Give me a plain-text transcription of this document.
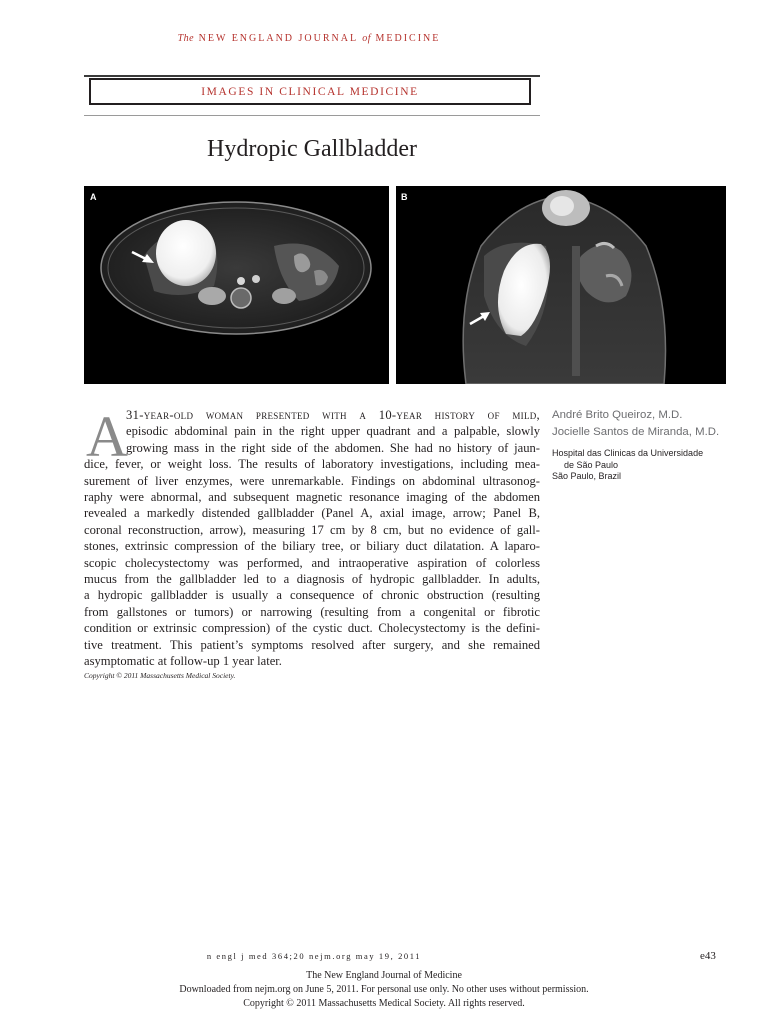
The NEW ENGLAND JOURNAL of MEDICINE
IMAGES IN CLINICAL MEDICINE
Hydropic Gallbladder
A	B
A
31-year-old woman presented with a 10-year history of mild,
episodic abdominal pain in the right upper quadrant and a palpable, slowly
growing mass in the right side of the abdomen. She had no history of jaun-
dice, fever, or weight loss. The results of laboratory investigations, including mea-
surement of liver enzymes, were unremarkable. Findings on abdominal ultrasonog-
raphy were abnormal, and subsequent magnetic resonance imaging of the abdomen
revealed a markedly distended gallbladder (Panel A, axial image, arrow; Panel B,
coronal reconstruction, arrow), measuring 17 cm by 8 cm, but no evidence of gall-
stones, extrinsic compression of the biliary tree, or biliary duct dilatation. A laparo-
scopic cholecystectomy was performed, and intraoperative aspiration of colorless
mucus from the gallbladder led to a diagnosis of hydropic gallbladder. In adults,
a hydropic gallbladder is usually a consequence of chronic obstruction (resulting
from gallstones or tumors) or narrowing (resulting from a congenital or fibrotic
condition or extrinsic compression) of the cystic duct. Cholecystectomy is the defini-
tive treatment. This patient’s symptoms resolved after surgery, and she remained
asymptomatic at follow-up 1 year later.
Copyright © 2011 Massachusetts Medical Society.
André Brito Queiroz, M.D.
Jocielle Santos de Miranda, M.D.
Hospital das Clinicas da Universidade
de São Paulo
São Paulo, Brazil
n engl j med 364;20 nejm.org may 19, 2011	e43
The New England Journal of Medicine
Downloaded from nejm.org on June 5, 2011. For personal use only. No other uses without permission.
Copyright © 2011 Massachusetts Medical Society. All rights reserved.
